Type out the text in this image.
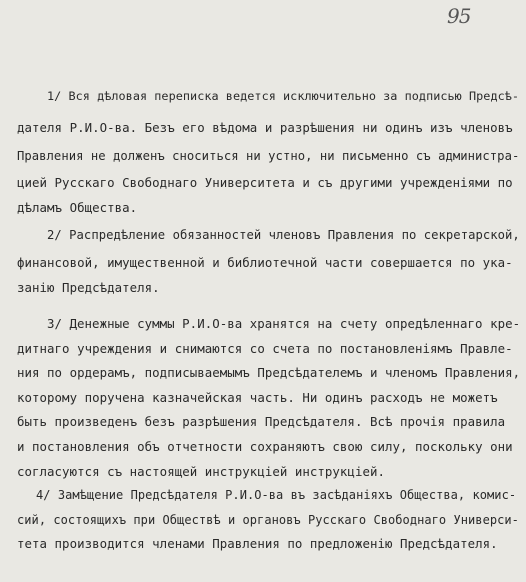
95
1/ Вся дѣловая переписка ведется исключительно за подписью Предсѣ-
дателя Р.И.О-ва. Безъ его вѣдома и разрѣшения ни одинъ изъ членовъ
Правления не долженъ сноситься ни устно, ни письменно съ администра-
цией Русскаго Свободнаго Университета и съ другими учрежденiями по
дѣламъ Общества.
2/ Распредѣление обязанностей членовъ Правления по секретарской,
финансовой, имущественной и библиотечной части совершается по ука-
занiю Предсѣдателя.
3/ Денежные суммы Р.И.О-ва хранятся на счету опредѣленнаго кре-
дитнаго учреждения и снимаются со счета по постановленiямъ Правле-
ния по ордерамъ, подписываемымъ Предсѣдателемъ и членомъ Правления,
которому поручена казначейская часть. Ни одинъ расходъ не можетъ
быть произведенъ безъ разрѣшения Предсѣдателя. Всѣ прочiя правила
и постановления объ отчетности сохраняютъ свою силу, поскольку они
согласуются съ настоящей инструкцiей инструкцiей.
4/ Замѣщение Предсѣдателя Р.И.О-ва въ засѣданiяхъ Общества, комис-
сий, состоящихъ при Обществѣ и органовъ Русскаго Свободнаго Универси-
тета производится членами Правления по предложенiю Предсѣдателя.
